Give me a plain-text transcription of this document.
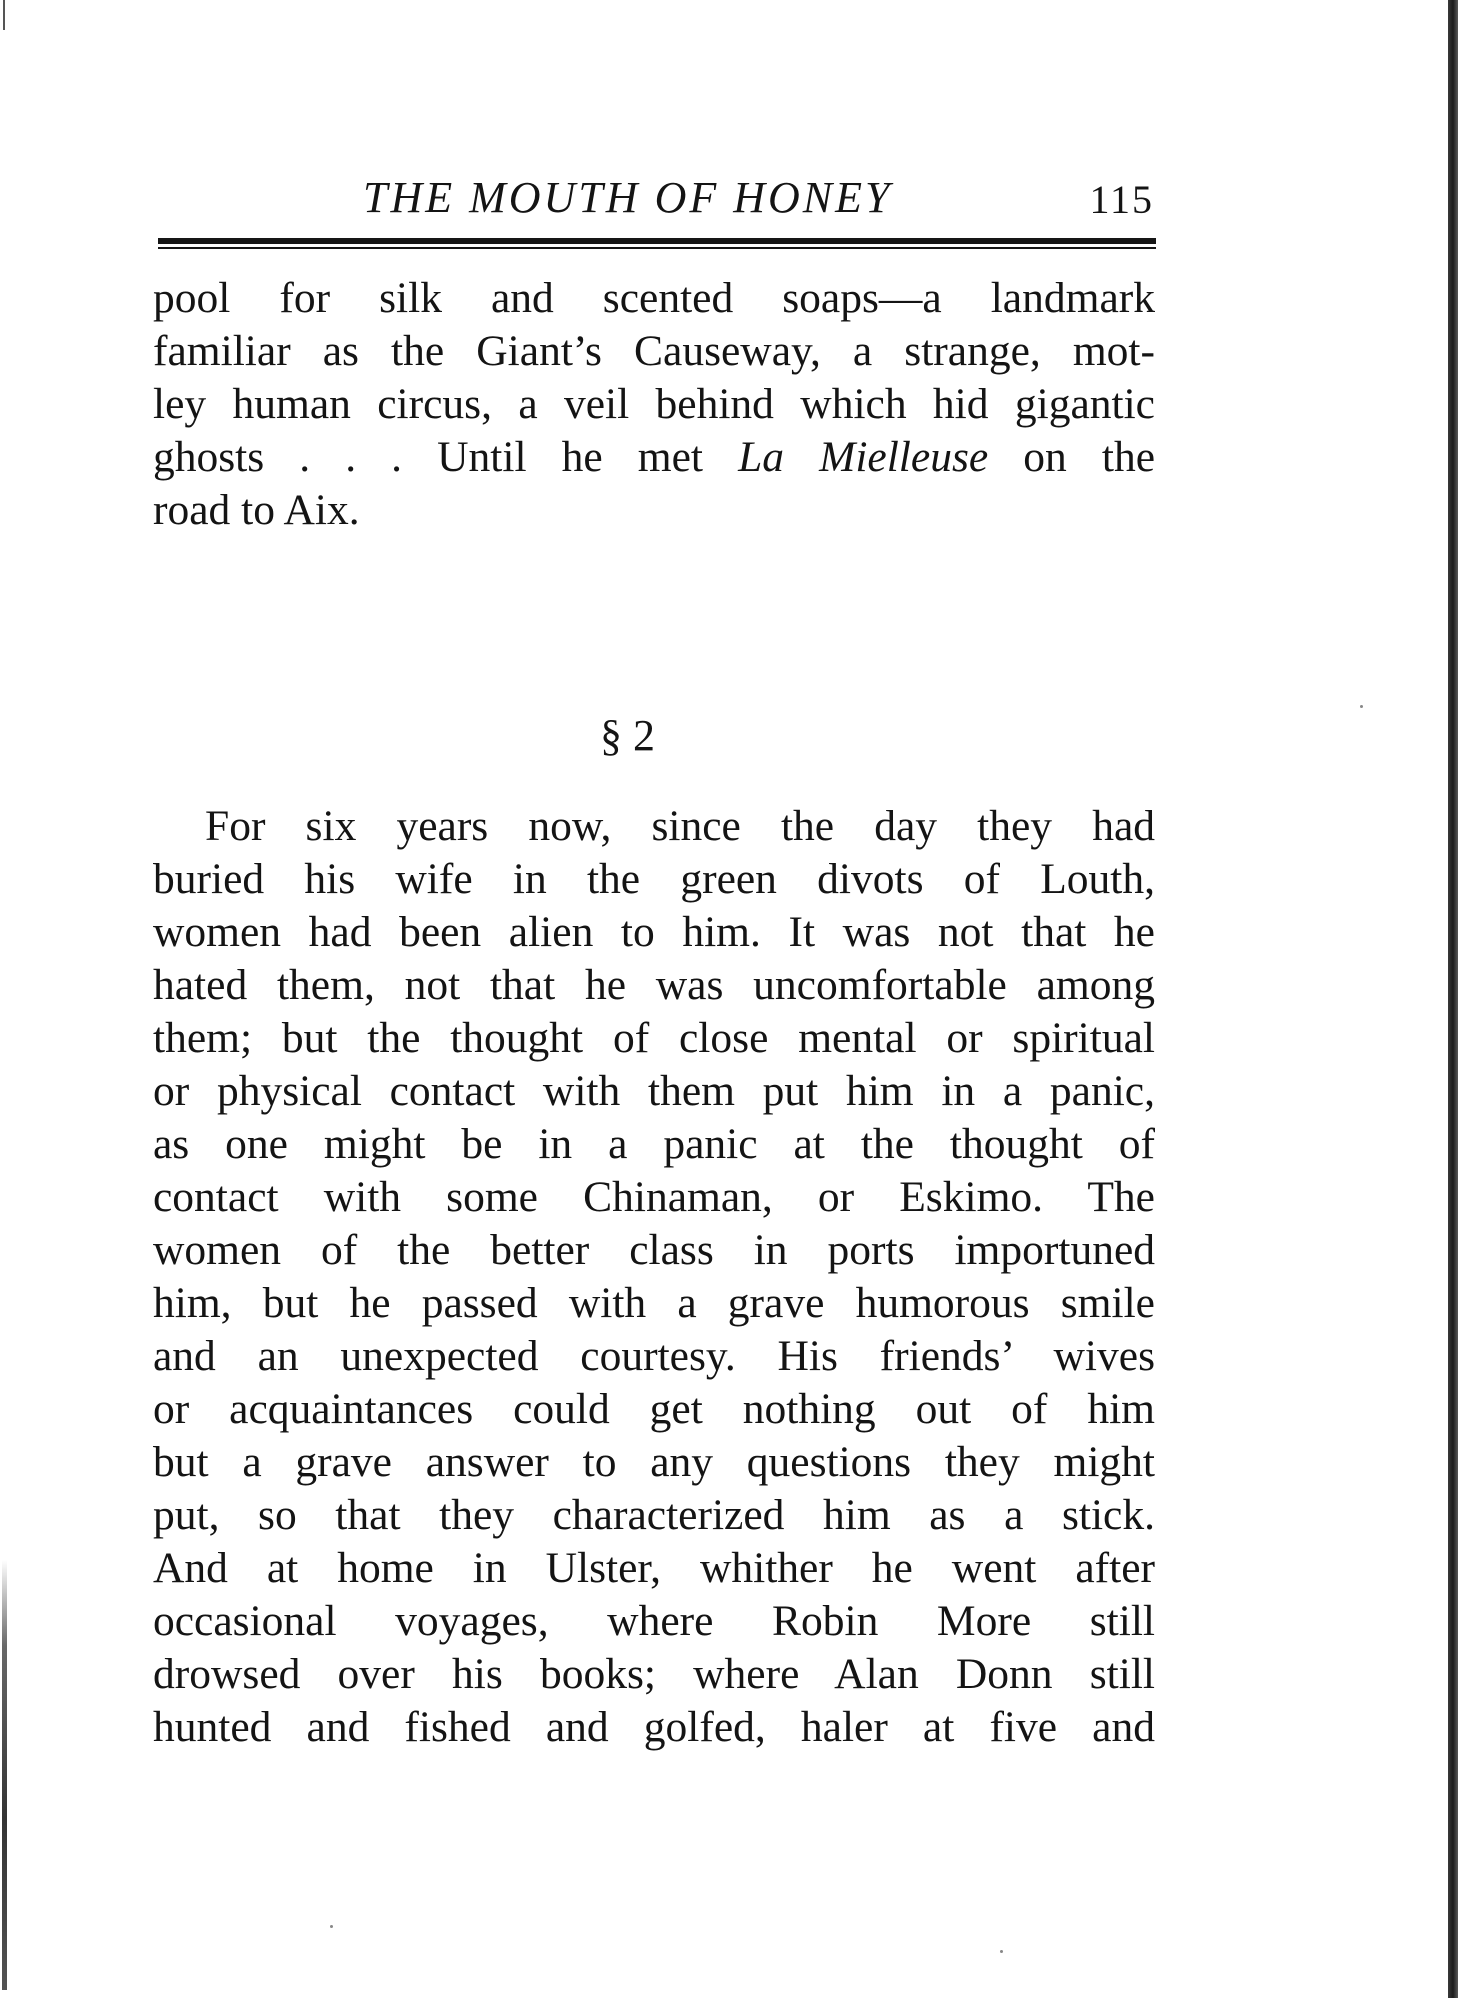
THE MOUTH OF HONEY	115
pool for silk and scented soaps—a landmark
familiar as the Giant’s Causeway, a strange, mot-
ley human circus, a veil behind which hid gigantic
ghosts . . . Until he met La Mielleuse on the
road to Aix.
§ 2
For six years now, since the day they had
buried his wife in the green divots of Louth,
women had been alien to him. It was not that he
hated them, not that he was uncomfortable among
them; but the thought of close mental or spiritual
or physical contact with them put him in a panic,
as one might be in a panic at the thought of
contact with some Chinaman, or Eskimo. The
women of the better class in ports importuned
him, but he passed with a grave humorous smile
and an unexpected courtesy. His friends’ wives
or acquaintances could get nothing out of him
but a grave answer to any questions they might
put, so that they characterized him as a stick.
And at home in Ulster, whither he went after
occasional voyages, where Robin More still
drowsed over his books; where Alan Donn still
hunted and fished and golfed, haler at five and
